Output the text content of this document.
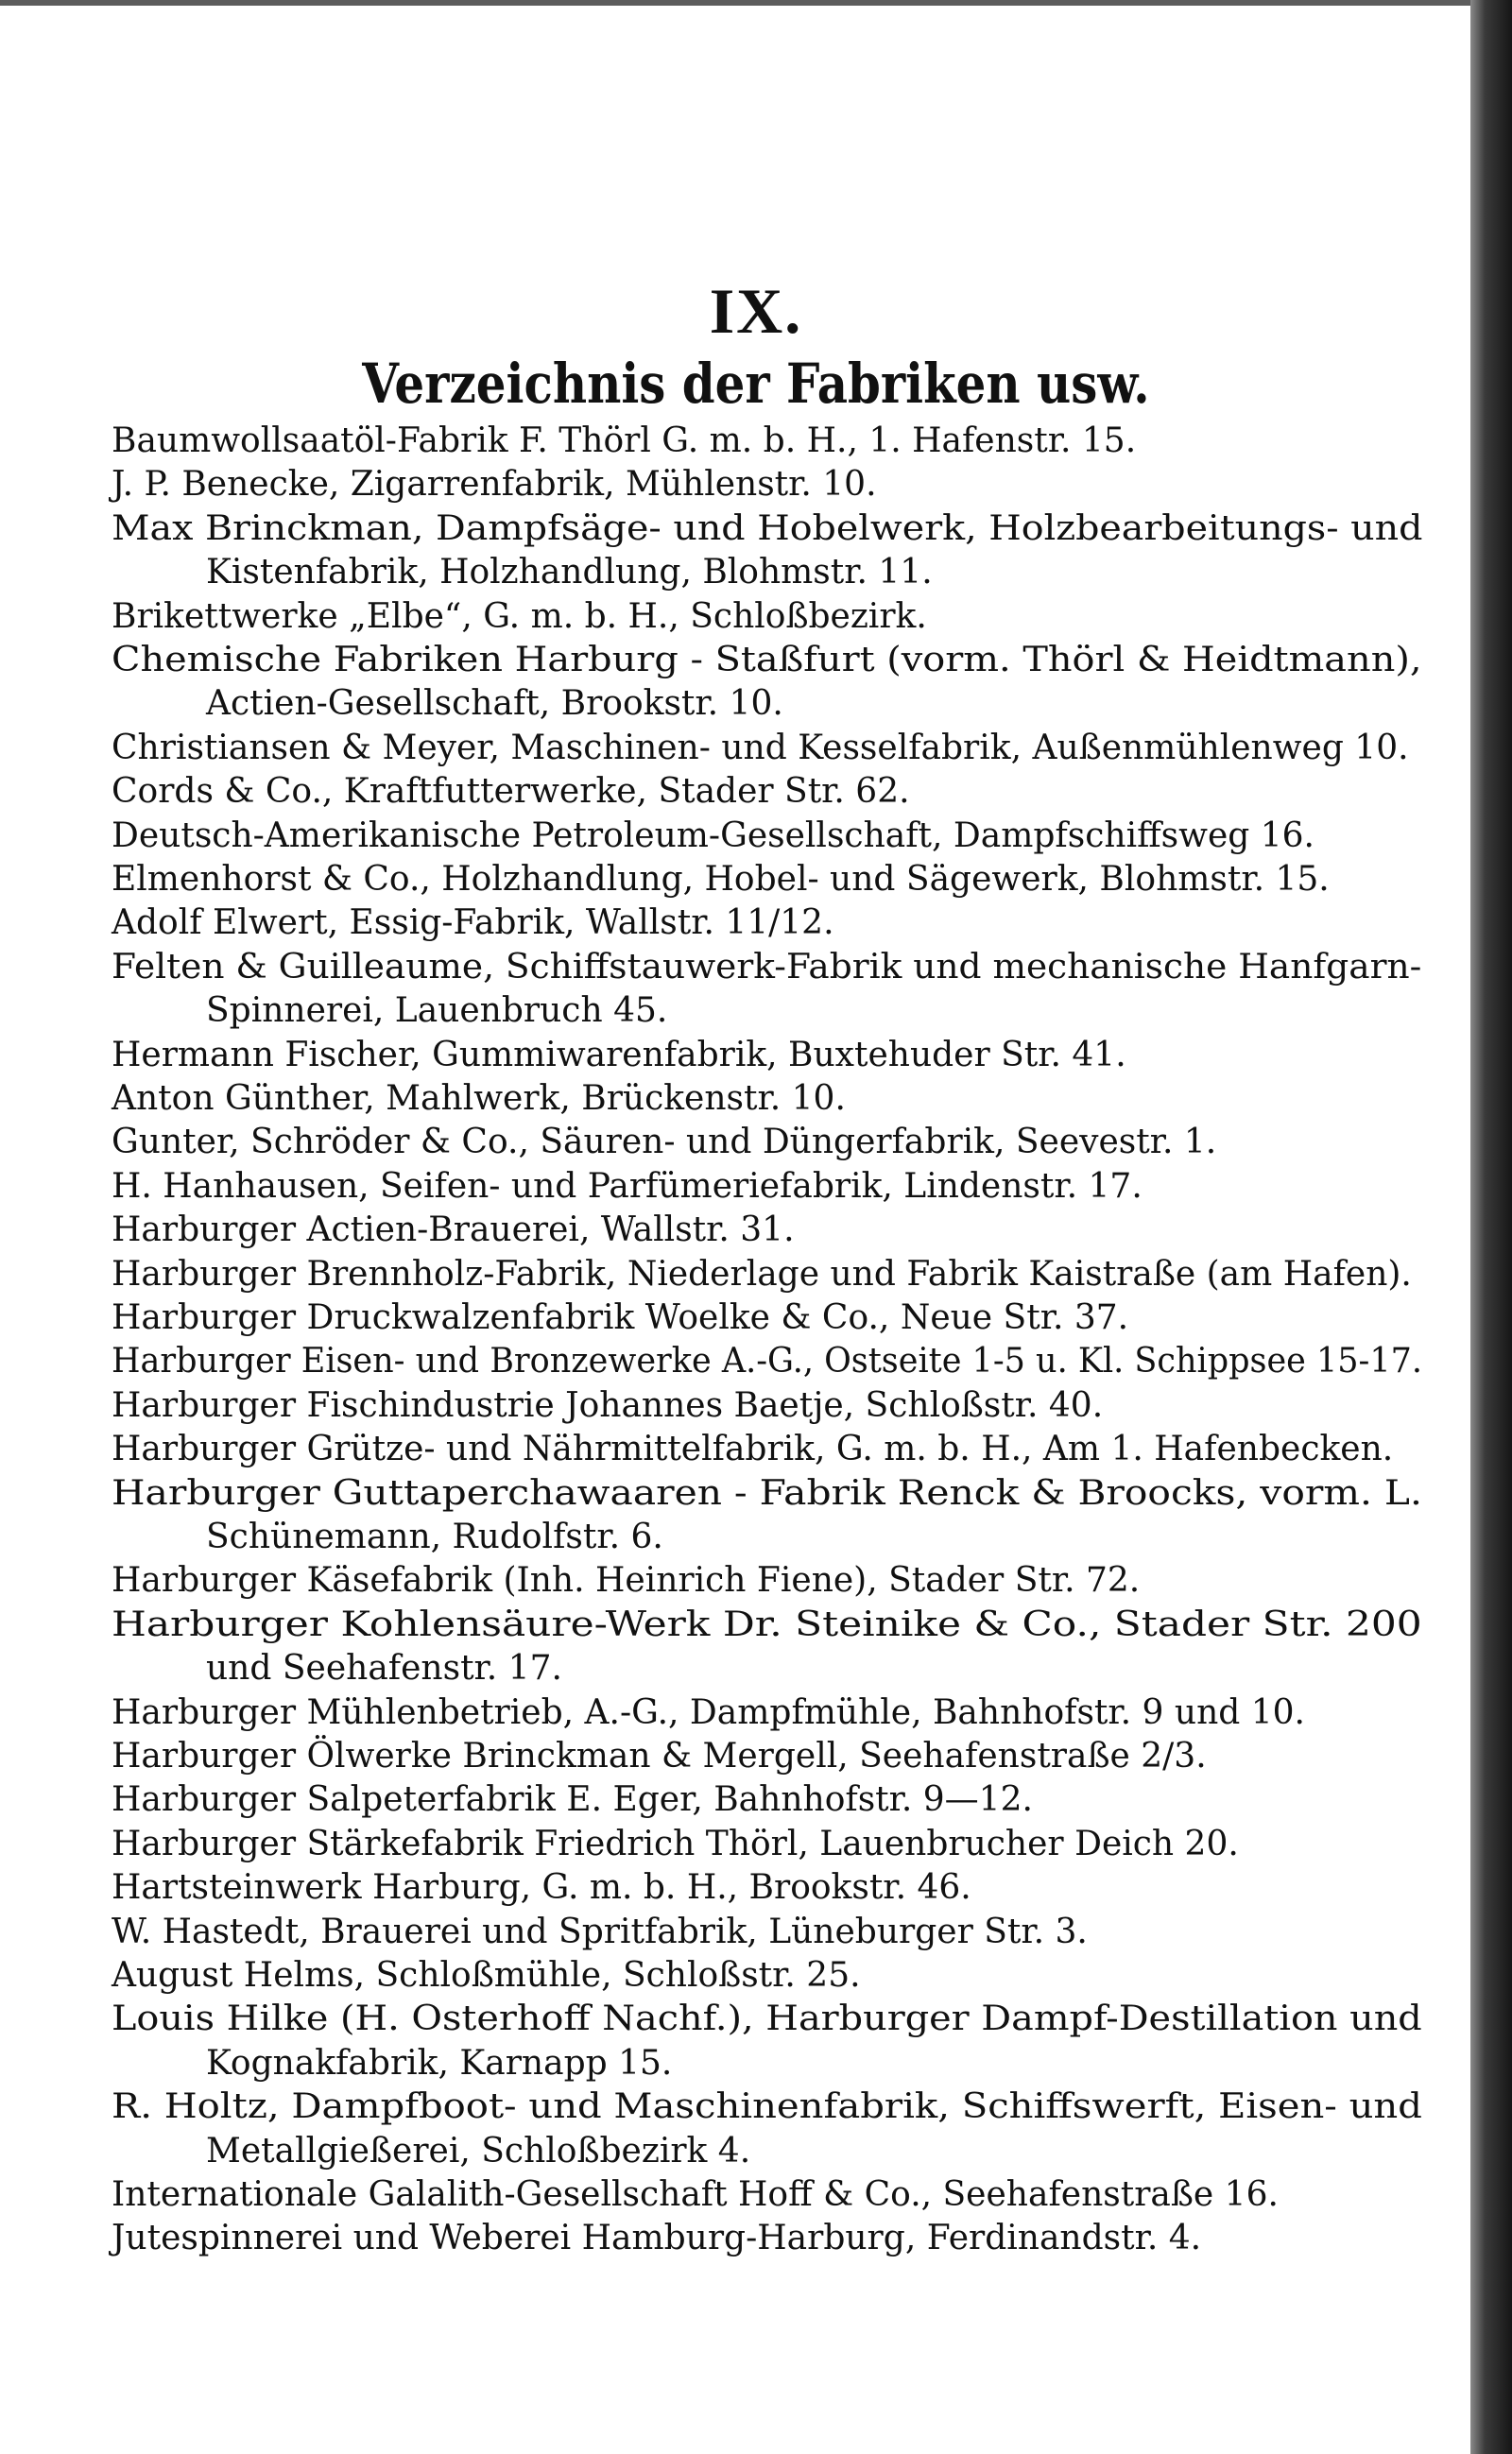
IX.
Verzeichnis der Fabriken usw.
Baumwollsaatöl-Fabrik F. Thörl G. m. b. H., 1. Hafenstr. 15.
J. P. Benecke, Zigarrenfabrik, Mühlenstr. 10.
Max Brinckman, Dampfsäge- und Hobelwerk, Holzbearbeitungs- und
Kistenfabrik, Holzhandlung, Blohmstr. 11.
Brikettwerke „Elbe“, G. m. b. H., Schloßbezirk.
Chemische Fabriken Harburg - Staßfurt (vorm. Thörl & Heidtmann),
Actien-Gesellschaft, Brookstr. 10.
Christiansen & Meyer, Maschinen- und Kesselfabrik, Außenmühlenweg 10.
Cords & Co., Kraftfutterwerke, Stader Str. 62.
Deutsch-Amerikanische Petroleum-Gesellschaft, Dampfschiffsweg 16.
Elmenhorst & Co., Holzhandlung, Hobel- und Sägewerk, Blohmstr. 15.
Adolf Elwert, Essig-Fabrik, Wallstr. 11/12.
Felten & Guilleaume, Schiffstauwerk-Fabrik und mechanische Hanfgarn-
Spinnerei, Lauenbruch 45.
Hermann Fischer, Gummiwarenfabrik, Buxtehuder Str. 41.
Anton Günther, Mahlwerk, Brückenstr. 10.
Gunter, Schröder & Co., Säuren- und Düngerfabrik, Seevestr. 1.
H. Hanhausen, Seifen- und Parfümeriefabrik, Lindenstr. 17.
Harburger Actien-Brauerei, Wallstr. 31.
Harburger Brennholz-Fabrik, Niederlage und Fabrik Kaistraße (am Hafen).
Harburger Druckwalzenfabrik Woelke & Co., Neue Str. 37.
Harburger Eisen- und Bronzewerke A.-G., Ostseite 1-5 u. Kl. Schippsee 15-17.
Harburger Fischindustrie Johannes Baetje, Schloßstr. 40.
Harburger Grütze- und Nährmittelfabrik, G. m. b. H., Am 1. Hafenbecken.
Harburger Guttaperchawaaren - Fabrik Renck & Broocks, vorm. L.
Schünemann, Rudolfstr. 6.
Harburger Käsefabrik (Inh. Heinrich Fiene), Stader Str. 72.
Harburger Kohlensäure-Werk Dr. Steinike & Co., Stader Str. 200
und Seehafenstr. 17.
Harburger Mühlenbetrieb, A.-G., Dampfmühle, Bahnhofstr. 9 und 10.
Harburger Ölwerke Brinckman & Mergell, Seehafenstraße 2/3.
Harburger Salpeterfabrik E. Eger, Bahnhofstr. 9—12.
Harburger Stärkefabrik Friedrich Thörl, Lauenbrucher Deich 20.
Hartsteinwerk Harburg, G. m. b. H., Brookstr. 46.
W. Hastedt, Brauerei und Spritfabrik, Lüneburger Str. 3.
August Helms, Schloßmühle, Schloßstr. 25.
Louis Hilke (H. Osterhoff Nachf.), Harburger Dampf-Destillation und
Kognakfabrik, Karnapp 15.
R. Holtz, Dampfboot- und Maschinenfabrik, Schiffswerft, Eisen- und
Metallgießerei, Schloßbezirk 4.
Internationale Galalith-Gesellschaft Hoff & Co., Seehafenstraße 16.
Jutespinnerei und Weberei Hamburg-Harburg, Ferdinandstr. 4.
